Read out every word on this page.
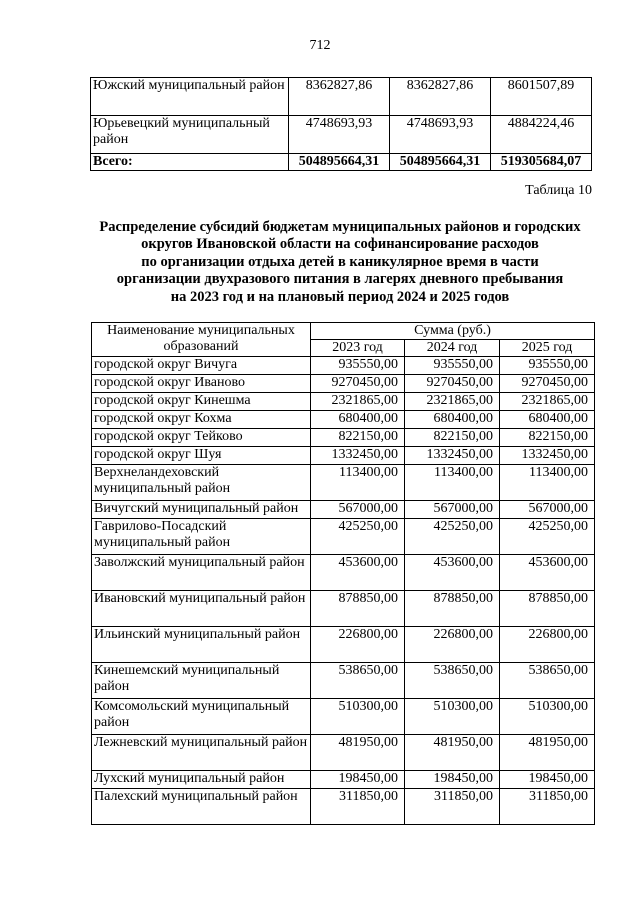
712
Южский муниципальный район	8362827,86	8362827,86	8601507,89
Юрьевецкий муниципальный район	4748693,93	4748693,93	4884224,46
Всего:	504895664,31	504895664,31	519305684,07
Таблица 10
Распределение субсидий бюджетам муниципальных районов и городских
округов Ивановской области на софинансирование расходов
по организации отдыха детей в каникулярное время в части
организации двухразового питания в лагерях дневного пребывания
на 2023 год и на плановый период 2024 и 2025 годов
Наименование муниципальных образований	Сумма (руб.)		
	2023 год	2024 год	2025 год
городской округ Вичуга	935550,00	935550,00	935550,00
городской округ Иваново	9270450,00	9270450,00	9270450,00
городской округ Кинешма	2321865,00	2321865,00	2321865,00
городской округ Кохма	680400,00	680400,00	680400,00
городской округ Тейково	822150,00	822150,00	822150,00
городской округ Шуя	1332450,00	1332450,00	1332450,00
Верхнеландеховский муниципальный район	113400,00	113400,00	113400,00
Вичугский муниципальный район	567000,00	567000,00	567000,00
Гаврилово-Посадский муниципальный район	425250,00	425250,00	425250,00
Заволжский муниципальный район	453600,00	453600,00	453600,00
Ивановский муниципальный район	878850,00	878850,00	878850,00
Ильинский муниципальный район	226800,00	226800,00	226800,00
Кинешемский муниципальный район	538650,00	538650,00	538650,00
Комсомольский муниципальный район	510300,00	510300,00	510300,00
Лежневский муниципальный район	481950,00	481950,00	481950,00
Лухский муниципальный район	198450,00	198450,00	198450,00
Палехский муниципальный район	311850,00	311850,00	311850,00
